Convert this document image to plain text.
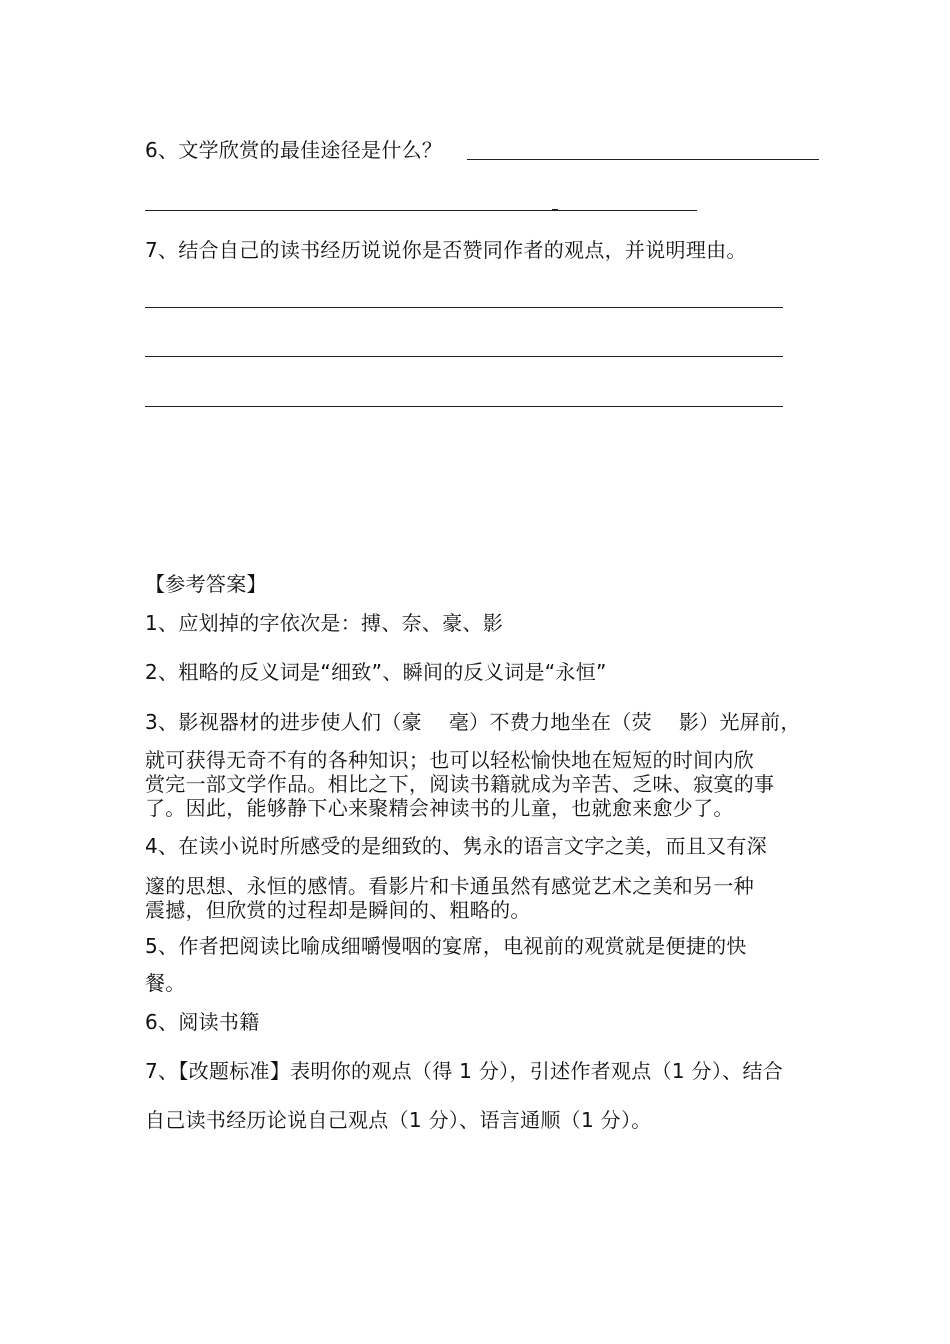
6、文学欣赏的最佳途径是什么？
7、结合自己的读书经历说说你是否赞同作者的观点，并说明理由。
【参考答案】
1、应划掉的字依次是：搏、奈、豪、影
2、粗略的反义词是“细致”、瞬间的反义词是“永恒”
3、影视器材的进步使人们（豪　 毫）不费力地坐在（荧　 影）光屏前，
就可获得无奇不有的各种知识；也可以轻松愉快地在短短的时间内欣
赏完一部文学作品。相比之下，阅读书籍就成为辛苦、乏味、寂寞的事
了。因此，能够静下心来聚精会神读书的儿童，也就愈来愈少了。
4、在读小说时所感受的是细致的、隽永的语言文字之美，而且又有深
邃的思想、永恒的感情。看影片和卡通虽然有感觉艺术之美和另一种
震撼，但欣赏的过程却是瞬间的、粗略的。
5、作者把阅读比喻成细嚼慢咽的宴席，电视前的观赏就是便捷的快
餐。
6、阅读书籍
7、【改题标准】表明你的观点（得 1 分），引述作者观点（1 分）、结合
自己读书经历论说自己观点（1 分）、语言通顺（1 分）。
